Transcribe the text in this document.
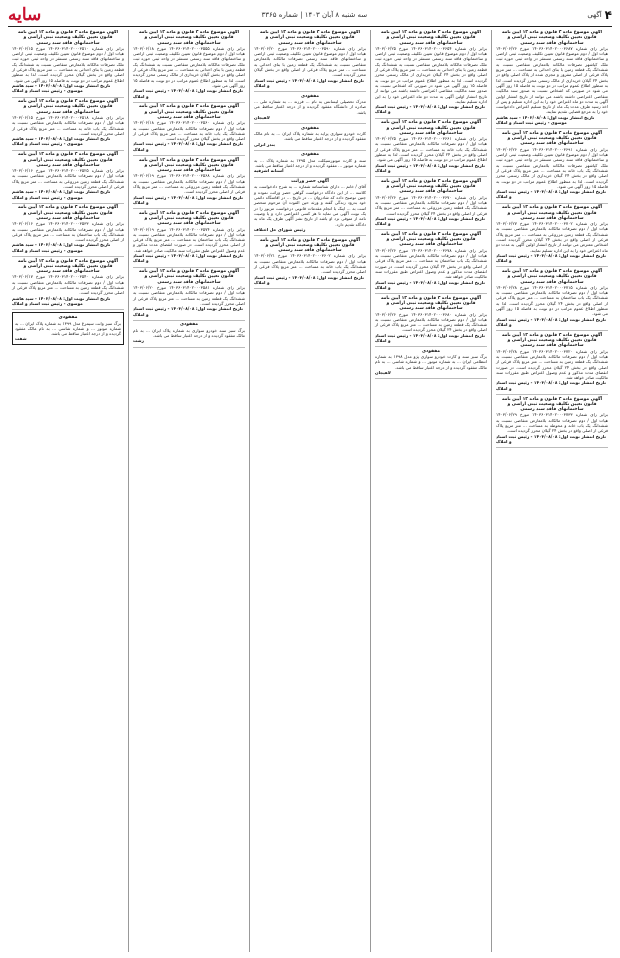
۴
آگهی
سه شنبه ۸ آبان ۱۴۰۳ | شماره ۳۳۶۵
سایه
آگهی موضوع ماده ۳ قانون و ماده ۱۳ آیین نامه قانون تعیین تکلیف وضعیت ثبتی اراضی و ساختمانهای فاقد سند رسمی
برابر رای شماره ۱۴۰۳۶۰۳۱۴۰۲۰۰۰۳۶۸۷ مورخ ۱۴۰۳/۰۶/۲۶ هیات اول / دوم موضوع قانون تعیین تکلیف وضعیت ثبتی اراضی و ساختمانهای فاقد سند رسمی مستقر در واحد ثبتی حوزه ثبت ملک کیاشهر تصرفات مالکانه بلامعارض متقاضی نسبت به ششدانگ یک قطعه زمین با بنای احداثی به مساحت ... متر مربع پلاک فرعی از اصلی مفروز و مجزی شده از پلاک اصلی واقع در بخش ۲۴ گیلان خریداری از مالک رسمی محرز گردیده است. لذا به منظور اطلاع عموم مراتب در دو نوبت به فاصله ۱۵ روز آگهی می شود در صورتی که اشخاص نسبت به صدور سند مالکیت متقاضی اعتراضی داشته باشند می توانند از تاریخ انتشار اولین آگهی به مدت دو ماه اعتراض خود را به این اداره تسلیم و پس از اخذ رسید ظرف مدت یک ماه از تاریخ تسلیم اعتراض دادخواست خود را به مرجع قضایی تقدیم نمایند.
تاریخ انتشار نوبت اول: ۱۴۰۳/۰۸/۰۸ - سید هاشم موسوی - رئیس ثبت اسناد و املاک
آگهی موضوع ماده ۳ قانون و ماده ۱۳ آیین نامه قانون تعیین تکلیف وضعیت ثبتی اراضی و ساختمانهای فاقد سند رسمی
برابر رای شماره ۱۴۰۳۶۰۳۱۴۰۲۰۰۰۳۶۹۱ مورخ ۱۴۰۳/۰۶/۲۶ هیات اول / دوم موضوع قانون تعیین تکلیف وضعیت ثبتی اراضی و ساختمانهای فاقد سند رسمی مستقر در واحد ثبتی حوزه ثبت ملک کیاشهر تصرفات مالکانه بلامعارض متقاضی نسبت به ششدانگ یک باب خانه به مساحت ... متر مربع پلاک فرعی از اصلی واقع در بخش ۲۴ گیلان خریداری از مالک رسمی محرز گردیده است. لذا به منظور اطلاع عموم مراتب در دو نوبت به فاصله ۱۵ روز آگهی می شود.
تاریخ انتشار نوبت اول: ۱۴۰۳/۰۸/۰۸ - رئیس ثبت اسناد و املاک
آگهی موضوع ماده ۳ قانون و ماده ۱۳ آیین نامه قانون تعیین تکلیف وضعیت ثبتی اراضی و ساختمانهای فاقد سند رسمی
برابر رای شماره ۱۴۰۳۶۰۳۱۴۰۲۰۰۰۳۷۰۲ مورخ ۱۴۰۳/۰۶/۲۷ هیات اول / دوم تصرفات مالکانه بلامعارض متقاضی نسبت به ششدانگ یک قطعه زمین مزروعی به مساحت ... متر مربع پلاک فرعی از اصلی واقع در بخش ۲۴ گیلان محرز گردیده است. اشخاص معترض می توانند از تاریخ انتشار اولین آگهی به مدت دو ماه اعتراض خود را به این اداره تسلیم نمایند.
تاریخ انتشار نوبت اول: ۱۴۰۳/۰۸/۰۸ - رئیس ثبت اسناد و املاک
آگهی موضوع ماده ۳ قانون و ماده ۱۳ آیین نامه قانون تعیین تکلیف وضعیت ثبتی اراضی و ساختمانهای فاقد سند رسمی
برابر رای شماره ۱۴۰۳۶۰۳۱۴۰۲۰۰۰۳۷۱۵ مورخ ۱۴۰۳/۰۶/۲۸ هیات اول / دوم تصرفات مالکانه بلامعارض متقاضی نسبت به ششدانگ یک باب ساختمان به مساحت ... متر مربع پلاک فرعی از اصلی واقع در بخش ۲۴ گیلان محرز گردیده است. لذا به منظور اطلاع عموم مراتب در دو نوبت به فاصله ۱۵ روز آگهی می شود.
تاریخ انتشار نوبت اول: ۱۴۰۳/۰۸/۰۸ - رئیس ثبت اسناد و املاک
آگهی موضوع ماده ۳ قانون و ماده ۱۳ آیین نامه قانون تعیین تکلیف وضعیت ثبتی اراضی و ساختمانهای فاقد سند رسمی
برابر رای شماره ۱۴۰۳۶۰۳۱۴۰۲۰۰۰۳۷۲۰ مورخ ۱۴۰۳/۰۶/۲۸ هیات اول / دوم تصرفات مالکانه بلامعارض متقاضی نسبت به ششدانگ یک قطعه زمین به مساحت ... متر مربع پلاک فرعی از اصلی واقع در بخش ۲۴ گیلان محرز گردیده است. در صورت انقضای مدت مذکور و عدم وصول اعتراض طبق مقررات سند مالکیت صادر خواهد شد.
تاریخ انتشار نوبت اول: ۱۴۰۳/۰۸/۰۸ - رئیس ثبت اسناد و املاک
آگهی موضوع ماده ۳ قانون و ماده ۱۳ آیین نامه قانون تعیین تکلیف وضعیت ثبتی اراضی و ساختمانهای فاقد سند رسمی
برابر رای شماره ۱۴۰۳۶۰۳۱۴۰۲۰۰۰۳۷۳۳ مورخ ۱۴۰۳/۰۶/۲۹ هیات اول / دوم تصرفات مالکانه بلامعارض متقاضی نسبت به ششدانگ یک باب خانه و محوطه به مساحت ... متر مربع پلاک فرعی از اصلی واقع در بخش ۲۴ گیلان محرز گردیده است.
تاریخ انتشار نوبت اول: ۱۴۰۳/۰۸/۰۸ - رئیس ثبت اسناد و املاک
آگهی موضوع ماده ۳ قانون و ماده ۱۳ آیین نامه قانون تعیین تکلیف وضعیت ثبتی اراضی و ساختمانهای فاقد سند رسمی
برابر رای شماره ۱۴۰۳۶۰۳۱۴۰۲۰۰۰۳۶۵۴ مورخ ۱۴۰۳/۰۶/۲۵ هیات اول / دوم موضوع قانون تعیین تکلیف وضعیت ثبتی اراضی و ساختمانهای فاقد سند رسمی مستقر در واحد ثبتی حوزه ثبت ملک تصرفات مالکانه بلامعارض متقاضی نسبت به ششدانگ یک قطعه زمین با بنای احداثی به مساحت ... متر مربع پلاک فرعی از اصلی واقع در بخش ۲۴ گیلان خریداری از مالک رسمی محرز گردیده است. لذا به منظور اطلاع عموم مراتب در دو نوبت به فاصله ۱۵ روز آگهی می شود در صورتی که اشخاص نسبت به صدور سند مالکیت متقاضی اعتراضی داشته باشند می توانند از تاریخ انتشار اولین آگهی به مدت دو ماه اعتراض خود را به این اداره تسلیم نمایند.
تاریخ انتشار نوبت اول: ۱۴۰۳/۰۸/۰۸ - رئیس ثبت اسناد و املاک
آگهی موضوع ماده ۳ قانون و ماده ۱۳ آیین نامه قانون تعیین تکلیف وضعیت ثبتی اراضی و ساختمانهای فاقد سند رسمی
برابر رای شماره ۱۴۰۳۶۰۳۱۴۰۲۰۰۰۳۶۶۱ مورخ ۱۴۰۳/۰۶/۲۵ هیات اول / دوم تصرفات مالکانه بلامعارض متقاضی نسبت به ششدانگ یک باب خانه به مساحت ... متر مربع پلاک فرعی از اصلی واقع در بخش ۲۴ گیلان محرز گردیده است. لذا به منظور اطلاع عموم مراتب در دو نوبت به فاصله ۱۵ روز آگهی می شود.
تاریخ انتشار نوبت اول: ۱۴۰۳/۰۸/۰۸ - رئیس ثبت اسناد و املاک
آگهی موضوع ماده ۳ قانون و ماده ۱۳ آیین نامه قانون تعیین تکلیف وضعیت ثبتی اراضی و ساختمانهای فاقد سند رسمی
برابر رای شماره ۱۴۰۳۶۰۳۱۴۰۲۰۰۰۳۶۷۰ مورخ ۱۴۰۳/۰۶/۲۶ هیات اول / دوم تصرفات مالکانه بلامعارض متقاضی نسبت به ششدانگ یک قطعه زمین مزروعی به مساحت ... متر مربع پلاک فرعی از اصلی واقع در بخش ۲۴ گیلان محرز گردیده است.
تاریخ انتشار نوبت اول: ۱۴۰۳/۰۸/۰۸ - رئیس ثبت اسناد و املاک
آگهی موضوع ماده ۳ قانون و ماده ۱۳ آیین نامه قانون تعیین تکلیف وضعیت ثبتی اراضی و ساختمانهای فاقد سند رسمی
برابر رای شماره ۱۴۰۳۶۰۳۱۴۰۲۰۰۰۳۶۷۸ مورخ ۱۴۰۳/۰۶/۲۶ هیات اول / دوم تصرفات مالکانه بلامعارض متقاضی نسبت به ششدانگ یک باب ساختمان به مساحت ... متر مربع پلاک فرعی از اصلی واقع در بخش ۲۴ گیلان محرز گردیده است. در صورت انقضای مدت مذکور و عدم وصول اعتراض طبق مقررات سند مالکیت صادر خواهد شد.
تاریخ انتشار نوبت اول: ۱۴۰۳/۰۸/۰۸ - رئیس ثبت اسناد و املاک
آگهی موضوع ماده ۳ قانون و ماده ۱۳ آیین نامه قانون تعیین تکلیف وضعیت ثبتی اراضی و ساختمانهای فاقد سند رسمی
برابر رای شماره ۱۴۰۳۶۰۳۱۴۰۲۰۰۰۳۶۸۰ مورخ ۱۴۰۳/۰۶/۲۶ هیات اول / دوم تصرفات مالکانه بلامعارض متقاضی نسبت به ششدانگ یک قطعه زمین به مساحت ... متر مربع پلاک فرعی از اصلی واقع در بخش ۲۴ گیلان محرز گردیده است.
تاریخ انتشار نوبت اول: ۱۴۰۳/۰۸/۰۸ - رئیس ثبت اسناد و املاک
مفقودی
برگ سبز سند و کارت خودرو سواری پژو مدل ۱۳۹۸ به شماره انتظامی ایران ... به شماره موتور ... و شماره شاسی ... به نام مالک مفقود گردیده و از درجه اعتبار ساقط می باشد.
لاهیجان
آگهی موضوع ماده ۳ قانون و ماده ۱۳ آیین نامه قانون تعیین تکلیف وضعیت ثبتی اراضی و ساختمانهای فاقد سند رسمی
برابر رای شماره ۱۴۰۳۶۰۳۱۴۰۲۰۰۰۳۵۹۰ مورخ ۱۴۰۳/۰۶/۲۰ هیات اول / دوم موضوع قانون تعیین تکلیف وضعیت ثبتی اراضی و ساختمانهای فاقد سند رسمی تصرفات مالکانه بلامعارض متقاضی نسبت به ششدانگ یک قطعه زمین با بنای احداثی به مساحت ... متر مربع پلاک فرعی از اصلی واقع در بخش گیلان محرز گردیده است.
تاریخ انتشار نوبت اول: ۱۴۰۳/۰۸/۰۸ - رئیس ثبت اسناد و املاک
مفقودی
مدرک تحصیلی لیسانس به نام ... فرزند ... به شماره ملی ... صادره از دانشگاه مفقود گردیده و از درجه اعتبار ساقط می باشد.
لاهیجان
مفقودی
کارت خودرو سواری پراید به شماره پلاک ایران ... به نام مالک مفقود گردیده و از درجه اعتبار ساقط می باشد.
بندر انزلی
مفقودی
سند و کارت موتورسیکلت مدل ۱۳۹۵ به شماره پلاک ... به شماره موتور ... مفقود گردیده و از درجه اعتبار ساقط می باشد.
آستانه اشرفیه
آگهی حصر وراثت
آقای / خانم ... دارای شناسنامه شماره ... به شرح دادخواست به کلاسه ... از این دادگاه درخواست گواهی حصر وراثت نموده و چنین توضیح داده که شادروان ... در تاریخ ... در اقامتگاه دائمی خود بدرود زندگی گفته و ورثه حین الفوت آن مرحوم منحصر است به ... اینک با انجام مقدمات قانونی درخواست مزبور را در یک نوبت آگهی می نماید تا هر کسی اعتراضی دارد و یا وصیت نامه از متوفی نزد او باشد از تاریخ نشر آگهی ظرف یک ماه به دادگاه تقدیم دارد.
رئیس شورای حل اختلاف
آگهی موضوع ماده ۳ قانون و ماده ۱۳ آیین نامه قانون تعیین تکلیف وضعیت ثبتی اراضی و ساختمانهای فاقد سند رسمی
برابر رای شماره ۱۴۰۳۶۰۳۱۴۰۲۰۰۰۳۶۰۲ مورخ ۱۴۰۳/۰۶/۲۱ هیات اول / دوم تصرفات مالکانه بلامعارض متقاضی نسبت به ششدانگ یک باب خانه به مساحت ... متر مربع پلاک فرعی از اصلی محرز گردیده است.
تاریخ انتشار نوبت اول: ۱۴۰۳/۰۸/۰۸ - رئیس ثبت اسناد و املاک
آگهی موضوع ماده ۳ قانون و ماده ۱۳ آیین نامه قانون تعیین تکلیف وضعیت ثبتی اراضی و ساختمانهای فاقد سند رسمی
برابر رای شماره ۱۴۰۳۶۰۳۱۴۰۲۰۰۰۳۵۵۵ مورخ ۱۴۰۳/۰۶/۱۸ هیات اول / دوم موضوع قانون تعیین تکلیف وضعیت ثبتی اراضی و ساختمانهای فاقد سند رسمی مستقر در واحد ثبتی حوزه ثبت ملک تصرفات مالکانه بلامعارض متقاضی نسبت به ششدانگ یک قطعه زمین با بنای احداثی به مساحت ... متر مربع پلاک فرعی از اصلی واقع در بخش گیلان خریداری از مالک رسمی محرز گردیده است. لذا به منظور اطلاع عموم مراتب در دو نوبت به فاصله ۱۵ روز آگهی می شود.
تاریخ انتشار نوبت اول: ۱۴۰۳/۰۸/۰۸ - رئیس ثبت اسناد و املاک
آگهی موضوع ماده ۳ قانون و ماده ۱۳ آیین نامه قانون تعیین تکلیف وضعیت ثبتی اراضی و ساختمانهای فاقد سند رسمی
برابر رای شماره ۱۴۰۳۶۰۳۱۴۰۲۰۰۰۳۵۶۰ مورخ ۱۴۰۳/۰۶/۱۸ هیات اول / دوم تصرفات مالکانه بلامعارض متقاضی نسبت به ششدانگ یک باب خانه به مساحت ... متر مربع پلاک فرعی از اصلی واقع در بخش گیلان محرز گردیده است.
تاریخ انتشار نوبت اول: ۱۴۰۳/۰۸/۰۸ - رئیس ثبت اسناد و املاک
آگهی موضوع ماده ۳ قانون و ماده ۱۳ آیین نامه قانون تعیین تکلیف وضعیت ثبتی اراضی و ساختمانهای فاقد سند رسمی
برابر رای شماره ۱۴۰۳۶۰۳۱۴۰۲۰۰۰۳۵۶۸ مورخ ۱۴۰۳/۰۶/۱۹ هیات اول / دوم تصرفات مالکانه بلامعارض متقاضی نسبت به ششدانگ یک قطعه زمین مزروعی به مساحت ... متر مربع پلاک فرعی از اصلی محرز گردیده است.
تاریخ انتشار نوبت اول: ۱۴۰۳/۰۸/۰۸ - رئیس ثبت اسناد و املاک
آگهی موضوع ماده ۳ قانون و ماده ۱۳ آیین نامه قانون تعیین تکلیف وضعیت ثبتی اراضی و ساختمانهای فاقد سند رسمی
برابر رای شماره ۱۴۰۳۶۰۳۱۴۰۲۰۰۰۳۵۷۴ مورخ ۱۴۰۳/۰۶/۱۹ هیات اول / دوم تصرفات مالکانه بلامعارض متقاضی نسبت به ششدانگ یک باب ساختمان به مساحت ... متر مربع پلاک فرعی از اصلی محرز گردیده است. در صورت انقضای مدت مذکور و عدم وصول اعتراض طبق مقررات سند مالکیت صادر خواهد شد.
تاریخ انتشار نوبت اول: ۱۴۰۳/۰۸/۰۸ - رئیس ثبت اسناد و املاک
آگهی موضوع ماده ۳ قانون و ماده ۱۳ آیین نامه قانون تعیین تکلیف وضعیت ثبتی اراضی و ساختمانهای فاقد سند رسمی
برابر رای شماره ۱۴۰۳۶۰۳۱۴۰۲۰۰۰۳۵۸۱ مورخ ۱۴۰۳/۰۶/۲۰ هیات اول / دوم تصرفات مالکانه بلامعارض متقاضی نسبت به ششدانگ یک قطعه زمین به مساحت ... متر مربع پلاک فرعی از اصلی محرز گردیده است.
تاریخ انتشار نوبت اول: ۱۴۰۳/۰۸/۰۸ - رئیس ثبت اسناد و املاک
مفقودی
برگ سبز سند خودرو سواری به شماره پلاک ایران ... به نام مالک مفقود گردیده و از درجه اعتبار ساقط می باشد.
رشت
آگهی موضوع ماده ۳ قانون و ماده ۱۳ آیین نامه قانون تعیین تکلیف وضعیت ثبتی اراضی و ساختمانهای فاقد سند رسمی
برابر رای شماره ۱۴۰۳۶۰۳۱۴۰۲۰۰۰۳۵۱۰ مورخ ۱۴۰۳/۰۶/۱۵ هیات اول / دوم موضوع قانون تعیین تکلیف وضعیت ثبتی اراضی و ساختمانهای فاقد سند رسمی مستقر در واحد ثبتی حوزه ثبت ملک تصرفات مالکانه بلامعارض متقاضی نسبت به ششدانگ یک قطعه زمین با بنای احداثی به مساحت ... متر مربع پلاک فرعی از اصلی واقع در بخش گیلان محرز گردیده است. لذا به منظور اطلاع عموم مراتب در دو نوبت به فاصله ۱۵ روز آگهی می شود.
تاریخ انتشار نوبت اول: ۱۴۰۳/۰۸/۰۸ - سید هاشم موسوی - رئیس ثبت اسناد و املاک
آگهی موضوع ماده ۳ قانون و ماده ۱۳ آیین نامه قانون تعیین تکلیف وضعیت ثبتی اراضی و ساختمانهای فاقد سند رسمی
برابر رای شماره ۱۴۰۳۶۰۳۱۴۰۲۰۰۰۳۵۱۸ مورخ ۱۴۰۳/۰۶/۱۵ هیات اول / دوم تصرفات مالکانه بلامعارض متقاضی نسبت به ششدانگ یک باب خانه به مساحت ... متر مربع پلاک فرعی از اصلی محرز گردیده است.
تاریخ انتشار نوبت اول: ۱۴۰۳/۰۸/۰۸ - سید هاشم موسوی - رئیس ثبت اسناد و املاک
آگهی موضوع ماده ۳ قانون و ماده ۱۳ آیین نامه قانون تعیین تکلیف وضعیت ثبتی اراضی و ساختمانهای فاقد سند رسمی
برابر رای شماره ۱۴۰۳۶۰۳۱۴۰۲۰۰۰۳۵۲۵ مورخ ۱۴۰۳/۰۶/۱۶ هیات اول / دوم تصرفات مالکانه بلامعارض متقاضی نسبت به ششدانگ یک قطعه زمین مزروعی به مساحت ... متر مربع پلاک فرعی از اصلی محرز گردیده است.
تاریخ انتشار نوبت اول: ۱۴۰۳/۰۸/۰۸ - سید هاشم موسوی - رئیس ثبت اسناد و املاک
آگهی موضوع ماده ۳ قانون و ماده ۱۳ آیین نامه قانون تعیین تکلیف وضعیت ثبتی اراضی و ساختمانهای فاقد سند رسمی
برابر رای شماره ۱۴۰۳۶۰۳۱۴۰۲۰۰۰۳۵۳۳ مورخ ۱۴۰۳/۰۶/۱۶ هیات اول / دوم تصرفات مالکانه بلامعارض متقاضی نسبت به ششدانگ یک باب ساختمان به مساحت ... متر مربع پلاک فرعی از اصلی محرز گردیده است.
تاریخ انتشار نوبت اول: ۱۴۰۳/۰۸/۰۸ - سید هاشم موسوی - رئیس ثبت اسناد و املاک
آگهی موضوع ماده ۳ قانون و ماده ۱۳ آیین نامه قانون تعیین تکلیف وضعیت ثبتی اراضی و ساختمانهای فاقد سند رسمی
برابر رای شماره ۱۴۰۳۶۰۳۱۴۰۲۰۰۰۳۵۴۰ مورخ ۱۴۰۳/۰۶/۱۷ هیات اول / دوم تصرفات مالکانه بلامعارض متقاضی نسبت به ششدانگ یک قطعه زمین به مساحت ... متر مربع پلاک فرعی از اصلی محرز گردیده است.
تاریخ انتشار نوبت اول: ۱۴۰۳/۰۸/۰۸ - سید هاشم موسوی - رئیس ثبت اسناد و املاک
مفقودی
برگ سبز وانت سیمرغ مدل ۱۳۹۹ به شماره پلاک ایران ... به شماره موتور ... و شماره شاسی ... به نام مالک مفقود گردیده و از درجه اعتبار ساقط می باشد.
شفت
